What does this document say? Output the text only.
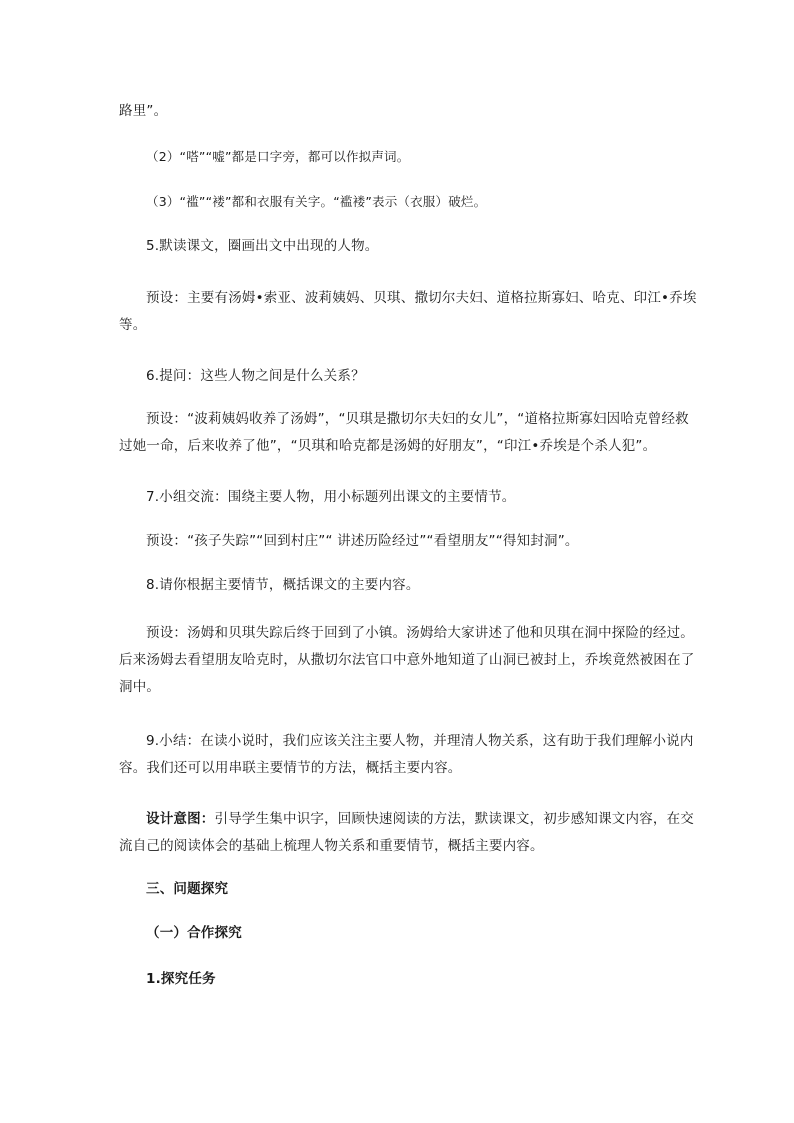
路里”。

（2）“嗒”“嘘”都是口字旁，都可以作拟声词。

（3）“褴”“褛”都和衣服有关字。“褴褛”表示（衣服）破烂。

5.默读课文，圈画出文中出现的人物。

预设：主要有汤姆•索亚、波莉姨妈、贝琪、撒切尔夫妇、道格拉斯寡妇、哈克、印江•乔埃等。

6.提问：这些人物之间是什么关系？

预设：“波莉姨妈收养了汤姆”，“贝琪是撒切尔夫妇的女儿”，“道格拉斯寡妇因哈克曾经救过她一命，后来收养了他”，“贝琪和哈克都是汤姆的好朋友”，“印江•乔埃是个杀人犯”。

7.小组交流：围绕主要人物，用小标题列出课文的主要情节。

预设：“孩子失踪”“回到村庄”“ 讲述历险经过”“看望朋友”“得知封洞”。

8.请你根据主要情节，概括课文的主要内容。

预设：汤姆和贝琪失踪后终于回到了小镇。汤姆给大家讲述了他和贝琪在洞中探险的经过。后来汤姆去看望朋友哈克时，从撒切尔法官口中意外地知道了山洞已被封上，乔埃竟然被困在了洞中。

9.小结：在读小说时，我们应该关注主要人物，并理清人物关系，这有助于我们理解小说内容。我们还可以用串联主要情节的方法，概括主要内容。

设计意图：引导学生集中识字，回顾快速阅读的方法，默读课文，初步感知课文内容，在交流自己的阅读体会的基础上梳理人物关系和重要情节，概括主要内容。

三、问题探究

（一）合作探究

1.探究任务
